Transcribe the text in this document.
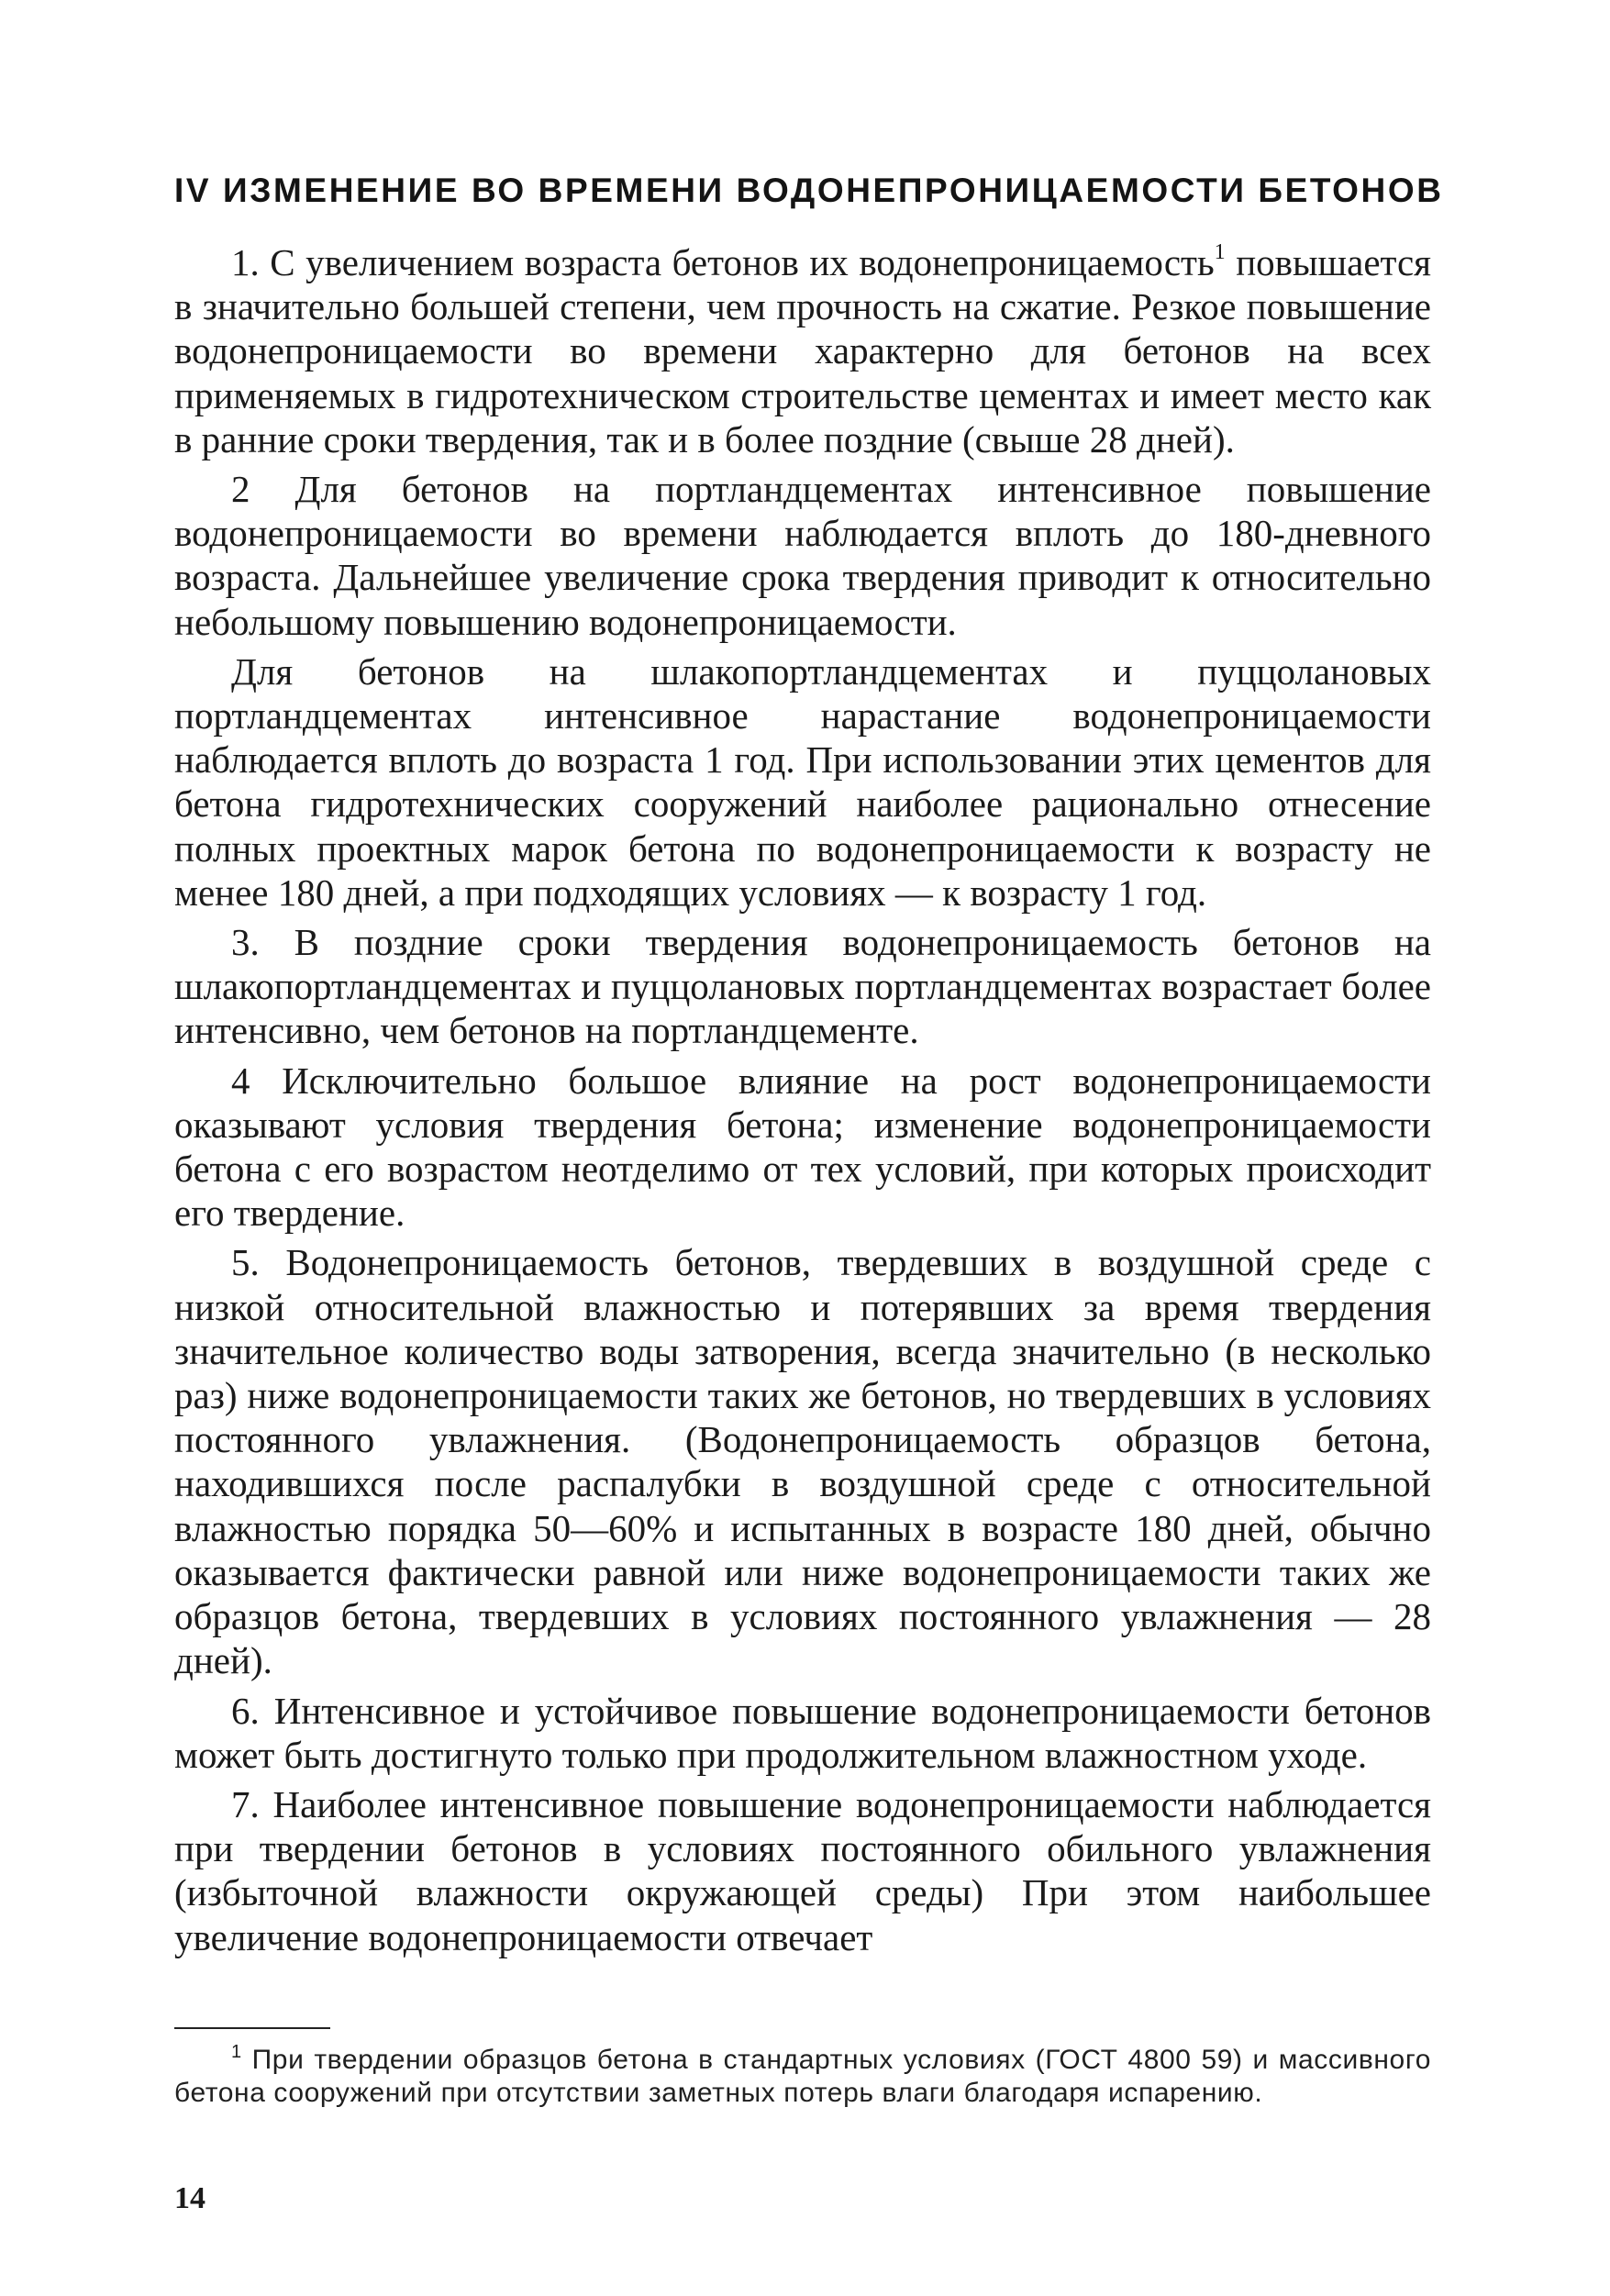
IV ИЗМЕНЕНИЕ ВО ВРЕМЕНИ ВОДОНЕПРОНИЦАЕМОСТИ БЕТОНОВ

1. С увеличением возраста бетонов их водонепроницаемость$^1$ повышается в значительно большей степени, чем прочность на сжатие. Резкое повышение водонепроницаемости во времени характерно для бетонов на всех применяемых в гидротехническом строительстве цементах и имеет место как в ранние сроки твердения, так и в более поздние (свыше 28 дней).

2 Для бетонов на портландцементах интенсивное повышение водонепроницаемости во времени наблюдается вплоть до 180-дневного возраста. Дальнейшее увеличение срока твердения приводит к относительно небольшому повышению водонепроницаемости.

Для бетонов на шлакопортландцементах и пуццолановых портландцементах интенсивное нарастание водонепроницаемости наблюдается вплоть до возраста 1 год. При использовании этих цементов для бетона гидротехнических сооружений наиболее рационально отнесение полных проектных марок бетона по водонепроницаемости к возрасту не менее 180 дней, а при подходящих условиях — к возрасту 1 год.

3. В поздние сроки твердения водонепроницаемость бетонов на шлакопортландцементах и пуццолановых портландцементах возрастает более интенсивно, чем бетонов на портландцементе.

4 Исключительно большое влияние на рост водонепроницаемости оказывают условия твердения бетона; изменение водонепроницаемости бетона с его возрастом неотделимо от тех условий, при которых происходит его твердение.

5. Водонепроницаемость бетонов, твердевших в воздушной среде с низкой относительной влажностью и потерявших за время твердения значительное количество воды затворения, всегда значительно (в несколько раз) ниже водонепроницаемости таких же бетонов, но твердевших в условиях постоянного увлажнения. (Водонепроницаемость образцов бетона, находившихся после распалубки в воздушной среде с относительной влажностью порядка 50—60% и испытанных в возрасте 180 дней, обычно оказывается фактически равной или ниже водонепроницаемости таких же образцов бетона, твердевших в условиях постоянного увлажнения — 28 дней).

6. Интенсивное и устойчивое повышение водонепроницаемости бетонов может быть достигнуто только при продолжительном влажностном уходе.

7. Наиболее интенсивное повышение водонепроницаемости наблюдается при твердении бетонов в условиях постоянного обильного увлажнения (избыточной влажности окружающей среды) При этом наибольшее увеличение водонепроницаемости отвечает

$^1$ При твердении образцов бетона в стандартных условиях (ГОСТ 4800 59) и массивного бетона сооружений при отсутствии заметных потерь влаги благодаря испарению.

14
